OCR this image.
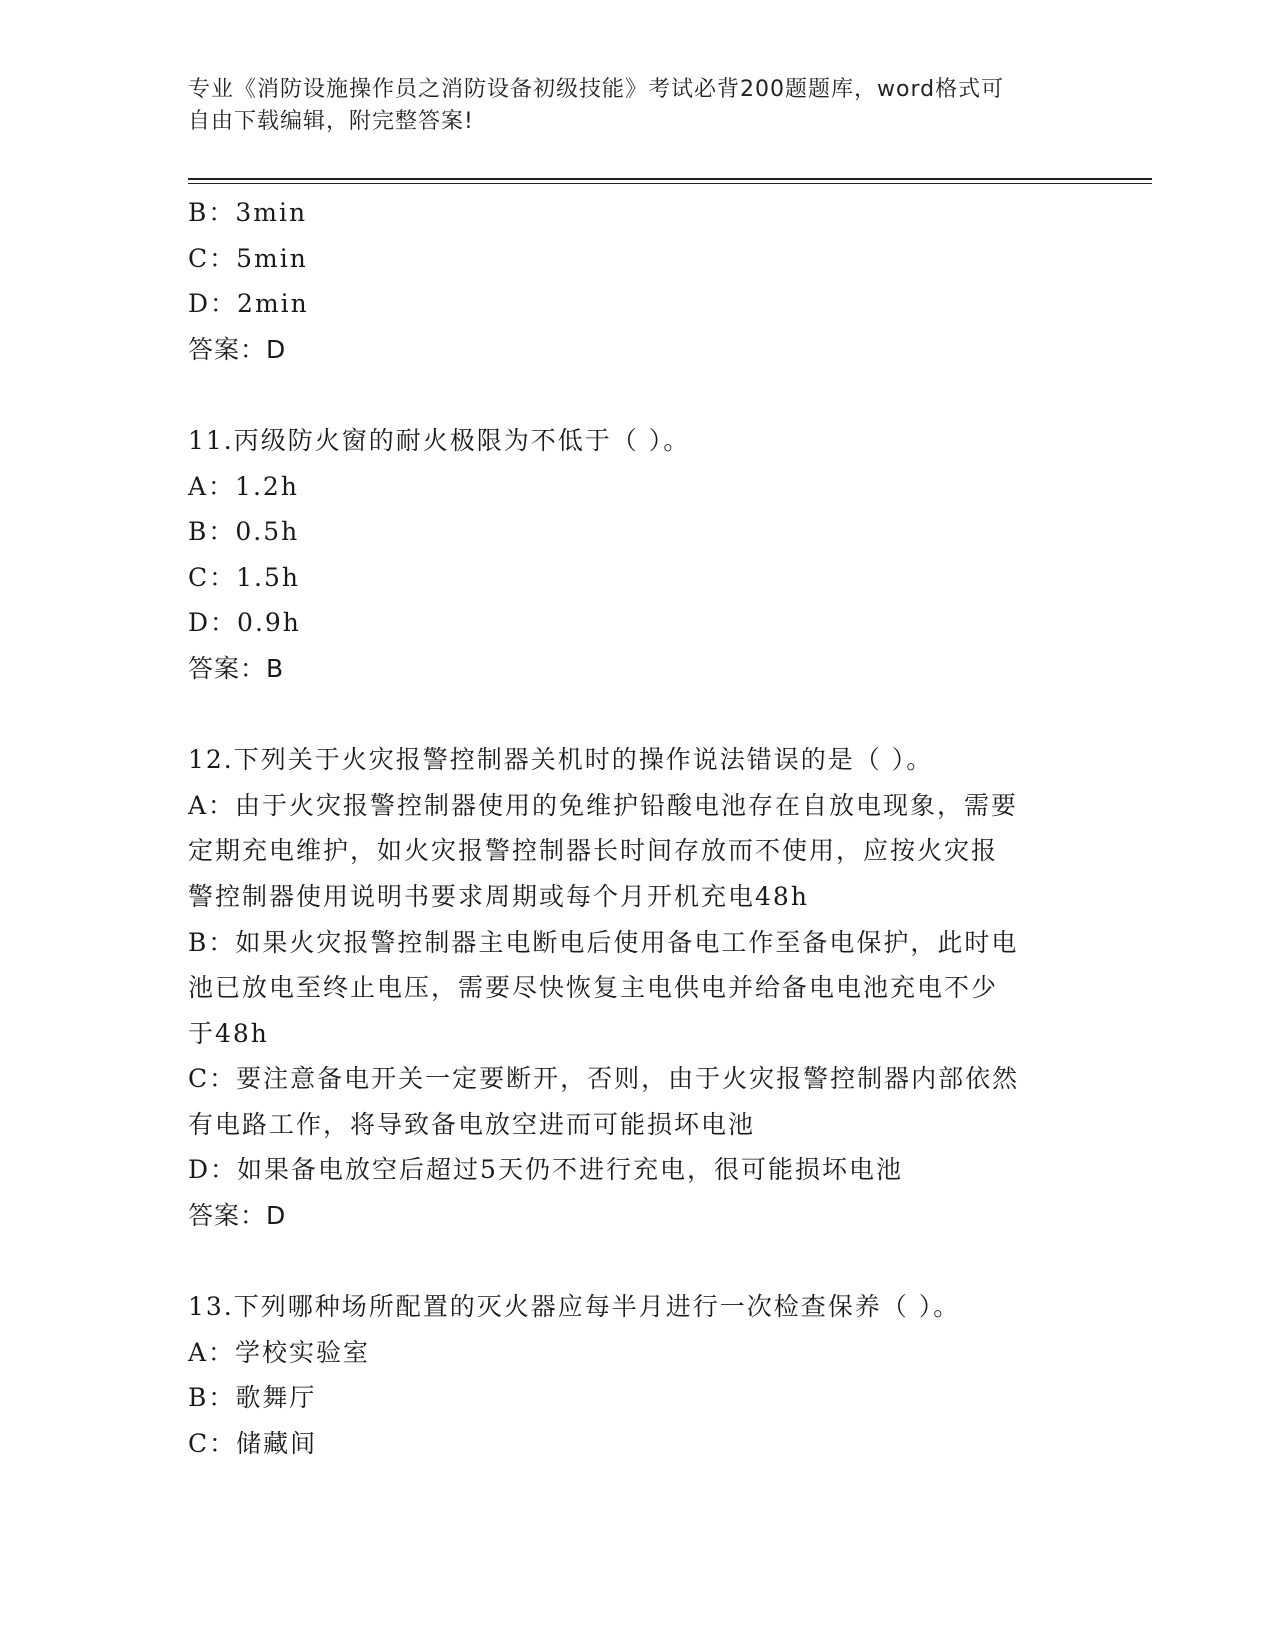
专业《消防设施操作员之消防设备初级技能》考试必背200题题库，word格式可
自由下载编辑，附完整答案!
B：3min
C：5min
D：2min
答案：D
11.丙级防火窗的耐火极限为不低于（ ）。
A：1.2h
B：0.5h
C：1.5h
D：0.9h
答案：B
12.下列关于火灾报警控制器关机时的操作说法错误的是（ ）。
A：由于火灾报警控制器使用的免维护铅酸电池存在自放电现象，需要
定期充电维护，如火灾报警控制器长时间存放而不使用，应按火灾报
警控制器使用说明书要求周期或每个月开机充电48h
B：如果火灾报警控制器主电断电后使用备电工作至备电保护，此时电
池已放电至终止电压，需要尽快恢复主电供电并给备电电池充电不少
于48h
C：要注意备电开关一定要断开，否则，由于火灾报警控制器内部依然
有电路工作，将导致备电放空进而可能损坏电池
D：如果备电放空后超过5天仍不进行充电，很可能损坏电池
答案：D
13.下列哪种场所配置的灭火器应每半月进行一次检查保养（ ）。
A：学校实验室
B：歌舞厅
C：储藏间
